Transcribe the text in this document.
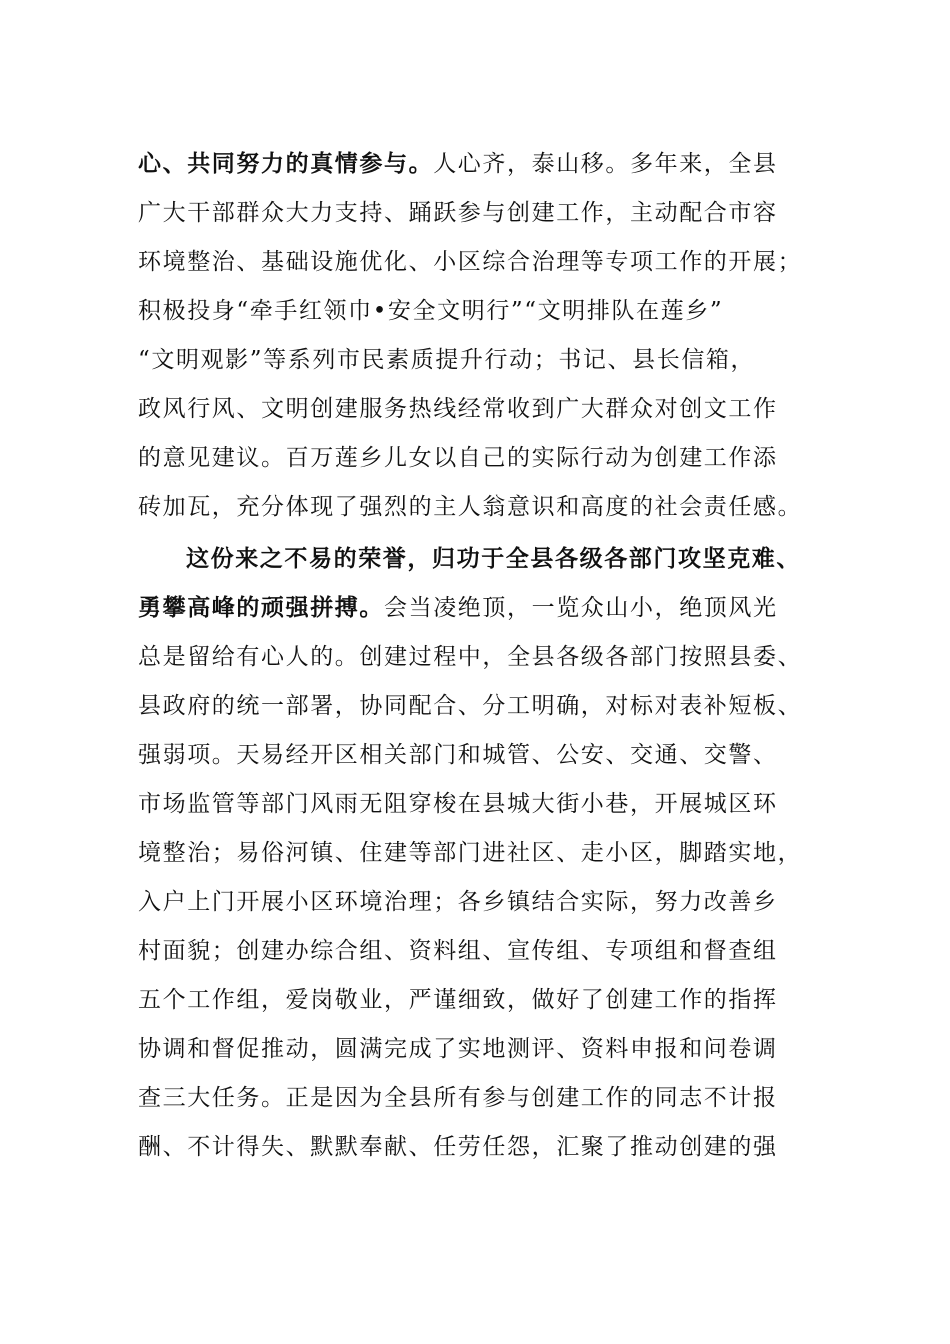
心、共同努力的真情参与。人心齐，泰山移。多年来，全县
广大干部群众大力支持、踊跃参与创建工作，主动配合市容
环境整治、基础设施优化、小区综合治理等专项工作的开展；
积极投身“牵手红领巾•安全文明行”“文明排队在莲乡”
“文明观影”等系列市民素质提升行动；书记、县长信箱，
政风行风、文明创建服务热线经常收到广大群众对创文工作
的意见建议。百万莲乡儿女以自己的实际行动为创建工作添
砖加瓦，充分体现了强烈的主人翁意识和高度的社会责任感。
这份来之不易的荣誉，归功于全县各级各部门攻坚克难、
勇攀高峰的顽强拼搏。会当凌绝顶，一览众山小，绝顶风光
总是留给有心人的。创建过程中，全县各级各部门按照县委、
县政府的统一部署，协同配合、分工明确，对标对表补短板、
强弱项。天易经开区相关部门和城管、公安、交通、交警、
市场监管等部门风雨无阻穿梭在县城大街小巷，开展城区环
境整治；易俗河镇、住建等部门进社区、走小区，脚踏实地，
入户上门开展小区环境治理；各乡镇结合实际，努力改善乡
村面貌；创建办综合组、资料组、宣传组、专项组和督查组
五个工作组，爱岗敬业，严谨细致，做好了创建工作的指挥
协调和督促推动，圆满完成了实地测评、资料申报和问卷调
查三大任务。正是因为全县所有参与创建工作的同志不计报
酬、不计得失、默默奉献、任劳任怨，汇聚了推动创建的强
